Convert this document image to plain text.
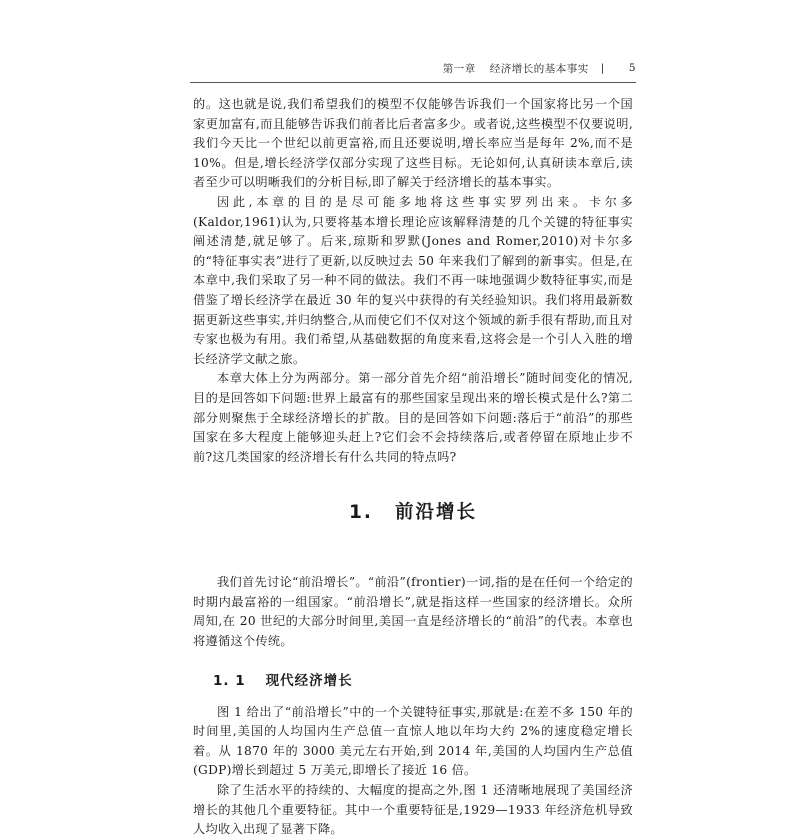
第一章 经济增长的基本事实 | 5

的。这也就是说,我们希望我们的模型不仅能够告诉我们一个国家将比另一个国家更加富有,而且能够告诉我们前者比后者富多少。或者说,这些模型不仅要说明,我们今天比一个世纪以前更富裕,而且还要说明,增长率应当是每年 2%,而不是 10%。但是,增长经济学仅部分实现了这些目标。无论如何,认真研读本章后,读者至少可以明晰我们的分析目标,即了解关于经济增长的基本事实。

因此,本章的目的是尽可能多地将这些事实罗列出来。卡尔多(Kaldor,1961)认为,只要将基本增长理论应该解释清楚的几个关键的特征事实阐述清楚,就足够了。后来,琼斯和罗默(Jones and Romer,2010)对卡尔多的“特征事实表”进行了更新,以反映过去 50 年来我们了解到的新事实。但是,在本章中,我们采取了另一种不同的做法。我们不再一味地强调少数特征事实,而是借鉴了增长经济学在最近 30 年的复兴中获得的有关经验知识。我们将用最新数据更新这些事实,并归纳整合,从而使它们不仅对这个领域的新手很有帮助,而且对专家也极为有用。我们希望,从基础数据的角度来看,这将会是一个引人入胜的增长经济学文献之旅。

本章大体上分为两部分。第一部分首先介绍“前沿增长”随时间变化的情况,目的是回答如下问题:世界上最富有的那些国家呈现出来的增长模式是什么?第二部分则聚焦于全球经济增长的扩散。目的是回答如下问题:落后于“前沿”的那些国家在多大程度上能够迎头赶上?它们会不会持续落后,或者停留在原地止步不前?这几类国家的经济增长有什么共同的特点吗?

1. 前沿增长

我们首先讨论“前沿增长”。“前沿”(frontier)一词,指的是在任何一个给定的时期内最富裕的一组国家。“前沿增长”,就是指这样一些国家的经济增长。众所周知,在 20 世纪的大部分时间里,美国一直是经济增长的“前沿”的代表。本章也将遵循这个传统。

1. 1 现代经济增长

图 1 给出了“前沿增长”中的一个关键特征事实,那就是:在差不多 150 年的时间里,美国的人均国内生产总值一直惊人地以年均大约 2%的速度稳定增长着。从 1870 年的 3000 美元左右开始,到 2014 年,美国的人均国内生产总值(GDP)增长到超过 5 万美元,即增长了接近 16 倍。

除了生活水平的持续的、大幅度的提高之外,图 1 还清晰地展现了美国经济增长的其他几个重要特征。其中一个重要特征是,1929—1933 年经济危机导致人均收入出现了显著下降。
